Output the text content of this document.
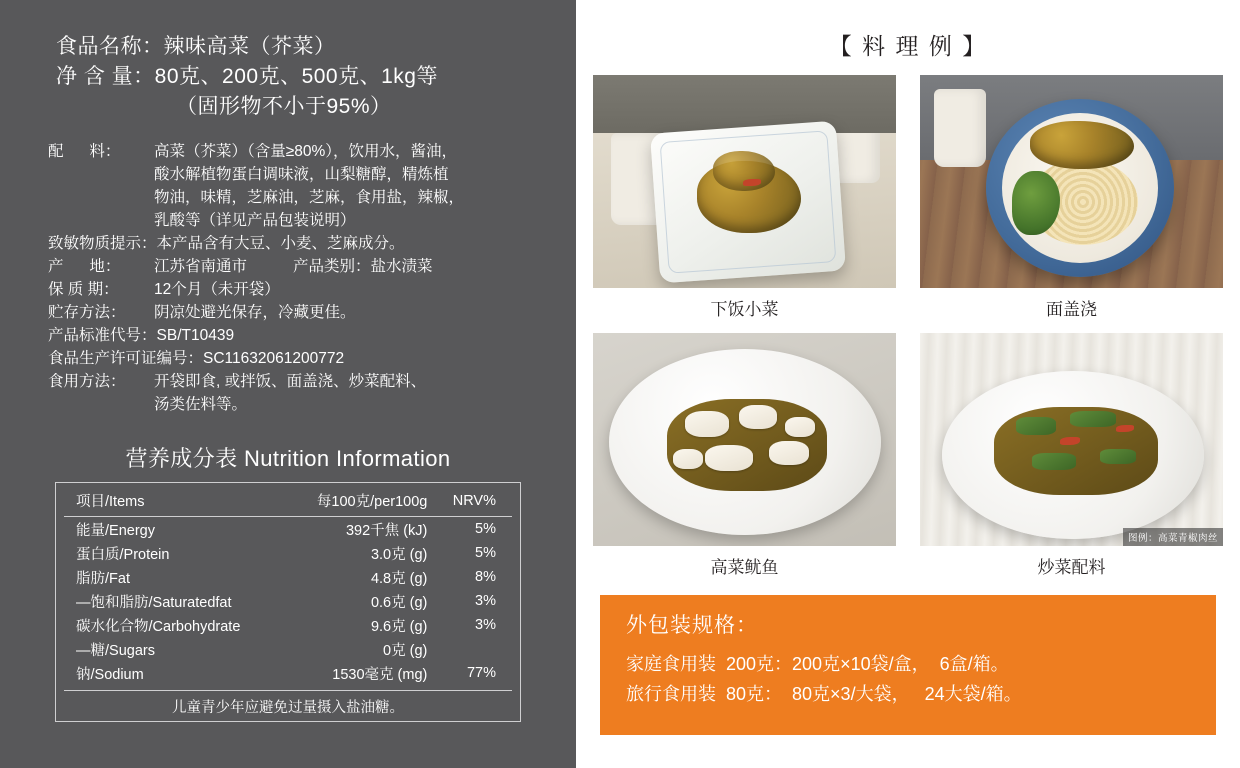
食品名称：辣味高菜（芥菜）
净 含 量：80克、200克、500克、1kg等
（固形物不小于95%）
配      料：	高菜（芥菜）（含量≥80%），饮用水，酱油，
酸水解植物蛋白调味液，山梨糖醇，精炼植
物油，味精，芝麻油，芝麻，食用盐，辣椒，
乳酸等（详见产品包装说明）
致敏物质提示： 本产品含有大豆、小麦、芝麻成分。
产      地：	江苏省南通市	产品类别： 盐水渍菜
保 质 期：	12个月（未开袋）
贮存方法：	阴凉处避光保存，冷藏更佳。
产品标准代号： SB/T10439
食品生产许可证编号： SC11632061200772
食用方法：	开袋即食, 或拌饭、面盖浇、炒菜配料、
汤类佐料等。
营养成分表 Nutrition Information
项目/Items	每100克/per100g	NRV%
能量/Energy	392千焦 (kJ)	5%
蛋白质/Protein	3.0克 (g)	5%
脂肪/Fat	4.8克 (g)	8%
—饱和脂肪/Saturatedfat	0.6克 (g)	3%
碳水化合物/Carbohydrate	9.6克 (g)	3%
—糖/Sugars	0克 (g)	
钠/Sodium	1530毫克 (mg)	77%
儿童青少年应避免过量摄入盐油糖。
【 料 理 例 】
下饭小菜	面盖浇
高菜鱿鱼
图例：高菜青椒肉丝
炒菜配料
外包装规格：
家庭食用装  200克：200克×10袋/盒，  6盒/箱。
旅行食用装  80克：  80克×3/大袋，   24大袋/箱。
